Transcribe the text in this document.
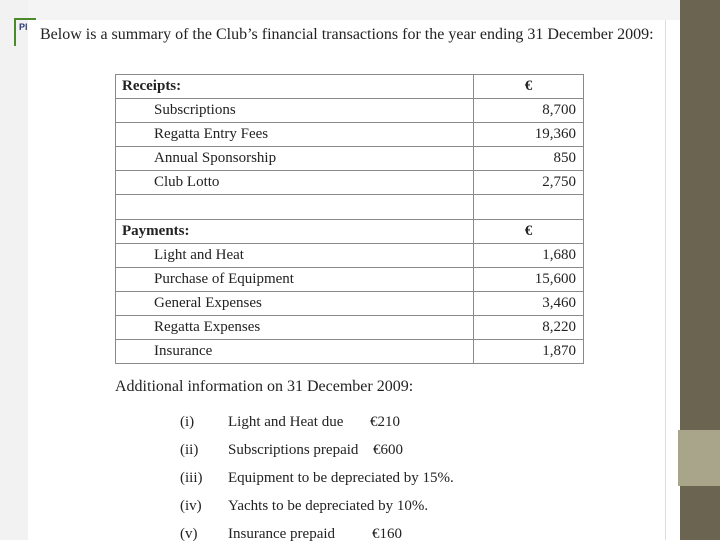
Pl Below is a summary of the Club’s financial transactions for the year ending 31 December 2009:
Receipts:	€
Subscriptions	8,700
Regatta Entry Fees	19,360
Annual Sponsorship	850
Club Lotto	2,750

Payments:	€
Light and Heat	1,680
Purchase of Equipment	15,600
General Expenses	3,460
Regatta Expenses	8,220
Insurance	1,870
Additional information on 31 December 2009:
(i) Light and Heat due €210
(ii) Subscriptions prepaid €600
(iii) Equipment to be depreciated by 15%.
(iv) Yachts to be depreciated by 10%.
(v) Insurance prepaid €160
